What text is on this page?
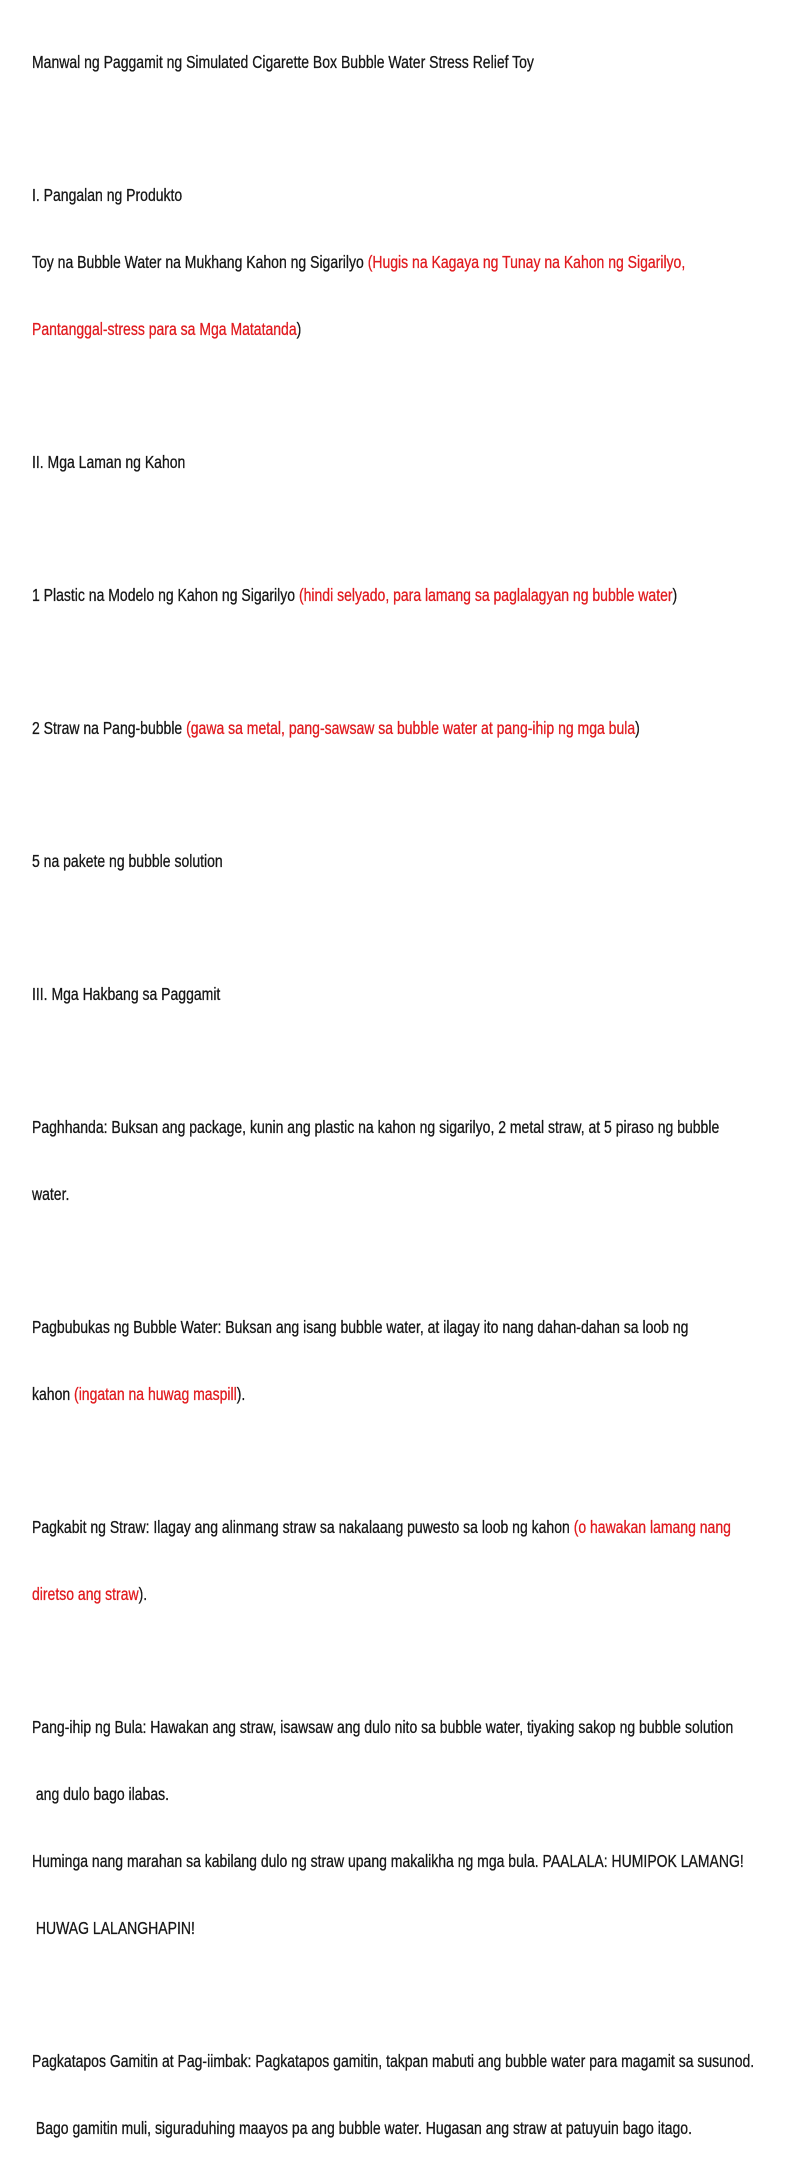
Manwal ng Paggamit ng Simulated Cigarette Box Bubble Water Stress Relief Toy

I. Pangalan ng Produkto

Toy na Bubble Water na Mukhang Kahon ng Sigarilyo (Hugis na Kagaya ng Tunay na Kahon ng Sigarilyo,

Pantanggal-stress para sa Mga Matatanda)

II. Mga Laman ng Kahon

1 Plastic na Modelo ng Kahon ng Sigarilyo (hindi selyado, para lamang sa paglalagyan ng bubble water)

2 Straw na Pang-bubble (gawa sa metal, pang-sawsaw sa bubble water at pang-ihip ng mga bula)

5 na pakete ng bubble solution

III. Mga Hakbang sa Paggamit

Paghhanda: Buksan ang package, kunin ang plastic na kahon ng sigarilyo, 2 metal straw, at 5 piraso ng bubble

water.

Pagbubukas ng Bubble Water: Buksan ang isang bubble water, at ilagay ito nang dahan-dahan sa loob ng

kahon (ingatan na huwag maspill).

Pagkabit ng Straw: Ilagay ang alinmang straw sa nakalaang puwesto sa loob ng kahon (o hawakan lamang nang

diretso ang straw).

Pang-ihip ng Bula: Hawakan ang straw, isawsaw ang dulo nito sa bubble water, tiyaking sakop ng bubble solution

ang dulo bago ilabas.

Huminga nang marahan sa kabilang dulo ng straw upang makalikha ng mga bula. PAALALA: HUMIPOK LAMANG!

HUWAG LALANGHAPIN!

Pagkatapos Gamitin at Pag-iimbak: Pagkatapos gamitin, takpan mabuti ang bubble water para magamit sa susunod.

Bago gamitin muli, siguraduhing maayos pa ang bubble water. Hugasan ang straw at patuyuin bago itago.
